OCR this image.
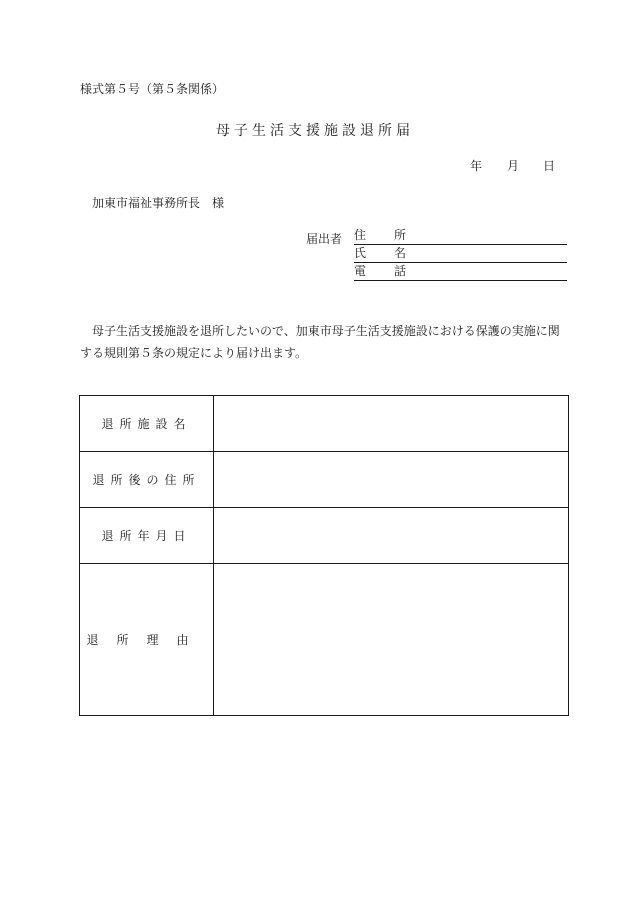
様式第５号（第５条関係）
母子生活支援施設退所届
年 月 日
加東市福祉事務所長　様
届出者 住　所
氏　名
電　話
母子生活支援施設を退所したいので、加東市母子生活支援施設における保護の実施に関する規則第５条の規定により届け出ます。
退所施設名	
退所後の住所	
退所年月日	
退所理由	
